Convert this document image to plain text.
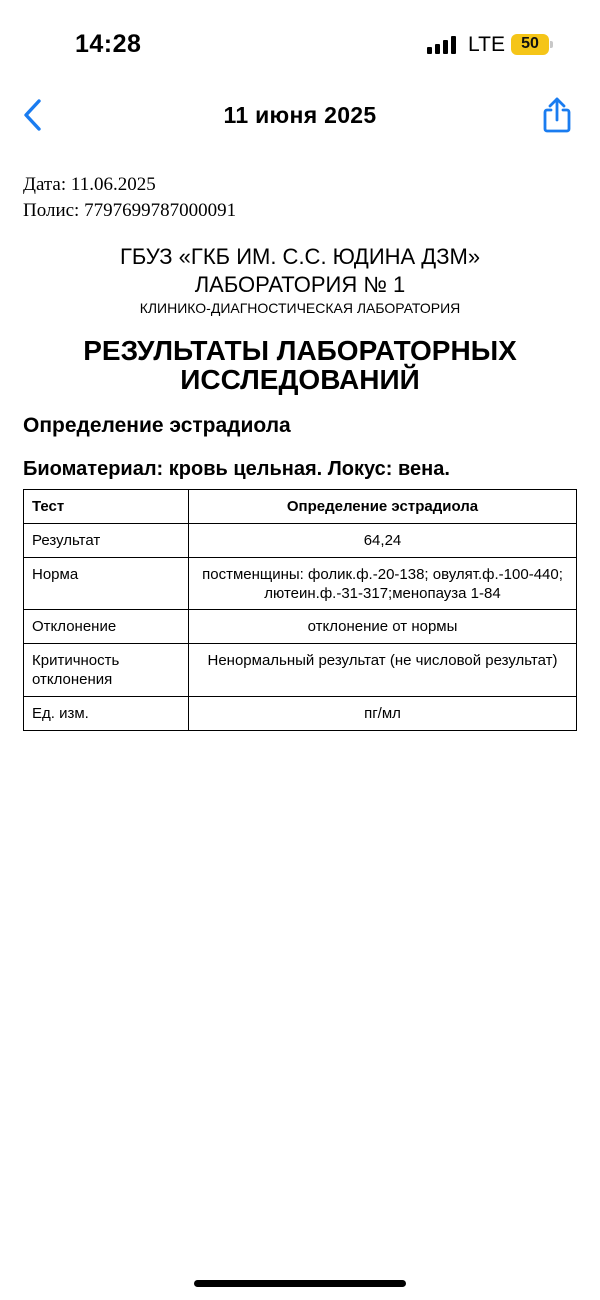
14:28	LTE	50
11 июня 2025
Дата: 11.06.2025
Полис: 7797699787000091
ГБУЗ «ГКБ ИМ. С.С. ЮДИНА ДЗМ»
ЛАБОРАТОРИЯ № 1
КЛИНИКО-ДИАГНОСТИЧЕСКАЯ ЛАБОРАТОРИЯ
РЕЗУЛЬТАТЫ ЛАБОРАТОРНЫХ
ИССЛЕДОВАНИЙ
Определение эстрадиола
Биоматериал: кровь цельная. Локус: вена.
Тест	Определение эстрадиола
Результат	64,24
Норма	постменщины: фолик.ф.-20-138; овулят.ф.-100-440; лютеин.ф.-31-317;менопауза 1-84
Отклонение	отклонение от нормы
Критичность отклонения	Ненормальный результат (не числовой результат)
Ед. изм.	пг/мл
